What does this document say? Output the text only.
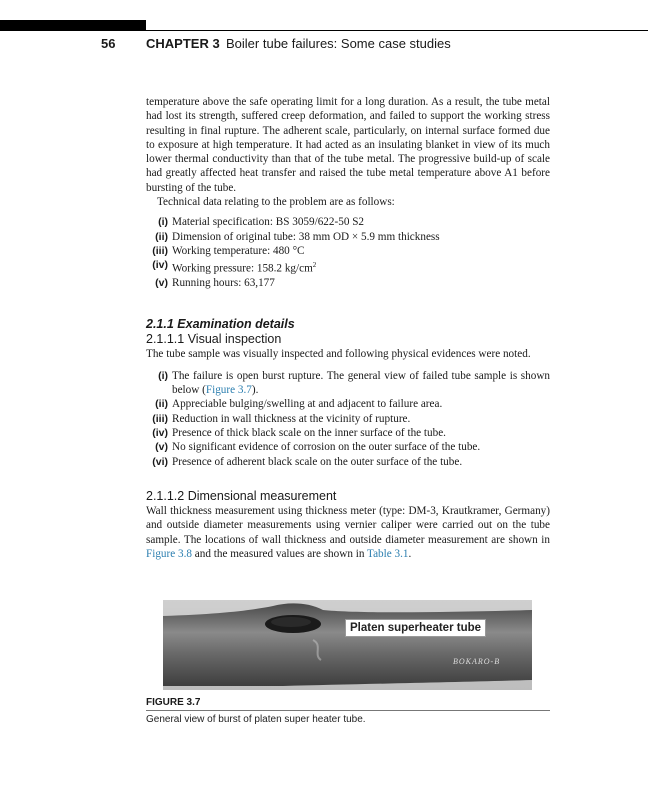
56 CHAPTER 3 Boiler tube failures: Some case studies

temperature above the safe operating limit for a long duration. As a result, the tube metal had lost its strength, suffered creep deformation, and failed to support the working stress resulting in final rupture. The adherent scale, particularly, on internal surface formed due to exposure at high temperature. It had acted as an insulating blanket in view of its much lower thermal conductivity than that of the tube metal. The progressive build-up of scale had greatly affected heat transfer and raised the tube metal temperature above A1 before bursting of the tube.

Technical data relating to the problem are as follows:

(i) Material specification: BS 3059/622-50 S2
(ii) Dimension of original tube: 38 mm OD × 5.9 mm thickness
(iii) Working temperature: 480 °C
(iv) Working pressure: 158.2 $kg/cm^2$
(v) Running hours: 63,177
2.1.1 Examination details
2.1.1.1 Visual inspection

The tube sample was visually inspected and following physical evidences were noted.

(i) The failure is open burst rupture. The general view of failed tube sample is shown below (Figure 3.7).
(ii) Appreciable bulging/swelling at and adjacent to failure area.
(iii) Reduction in wall thickness at the vicinity of rupture.
(iv) Presence of thick black scale on the inner surface of the tube.
(v) No significant evidence of corrosion on the outer surface of the tube.
(vi) Presence of adherent black scale on the outer surface of the tube.
2.1.1.2 Dimensional measurement

Wall thickness measurement using thickness meter (type: DM-3, Krautkramer, Germany) and outside diameter measurements using vernier caliper were carried out on the tube sample. The locations of wall thickness and outside diameter measurement are shown in Figure 3.8 and the measured values are shown in Table 3.1.

Platen superheater tube
BOKARO-B
FIGURE 3.7
General view of burst of platen super heater tube.
